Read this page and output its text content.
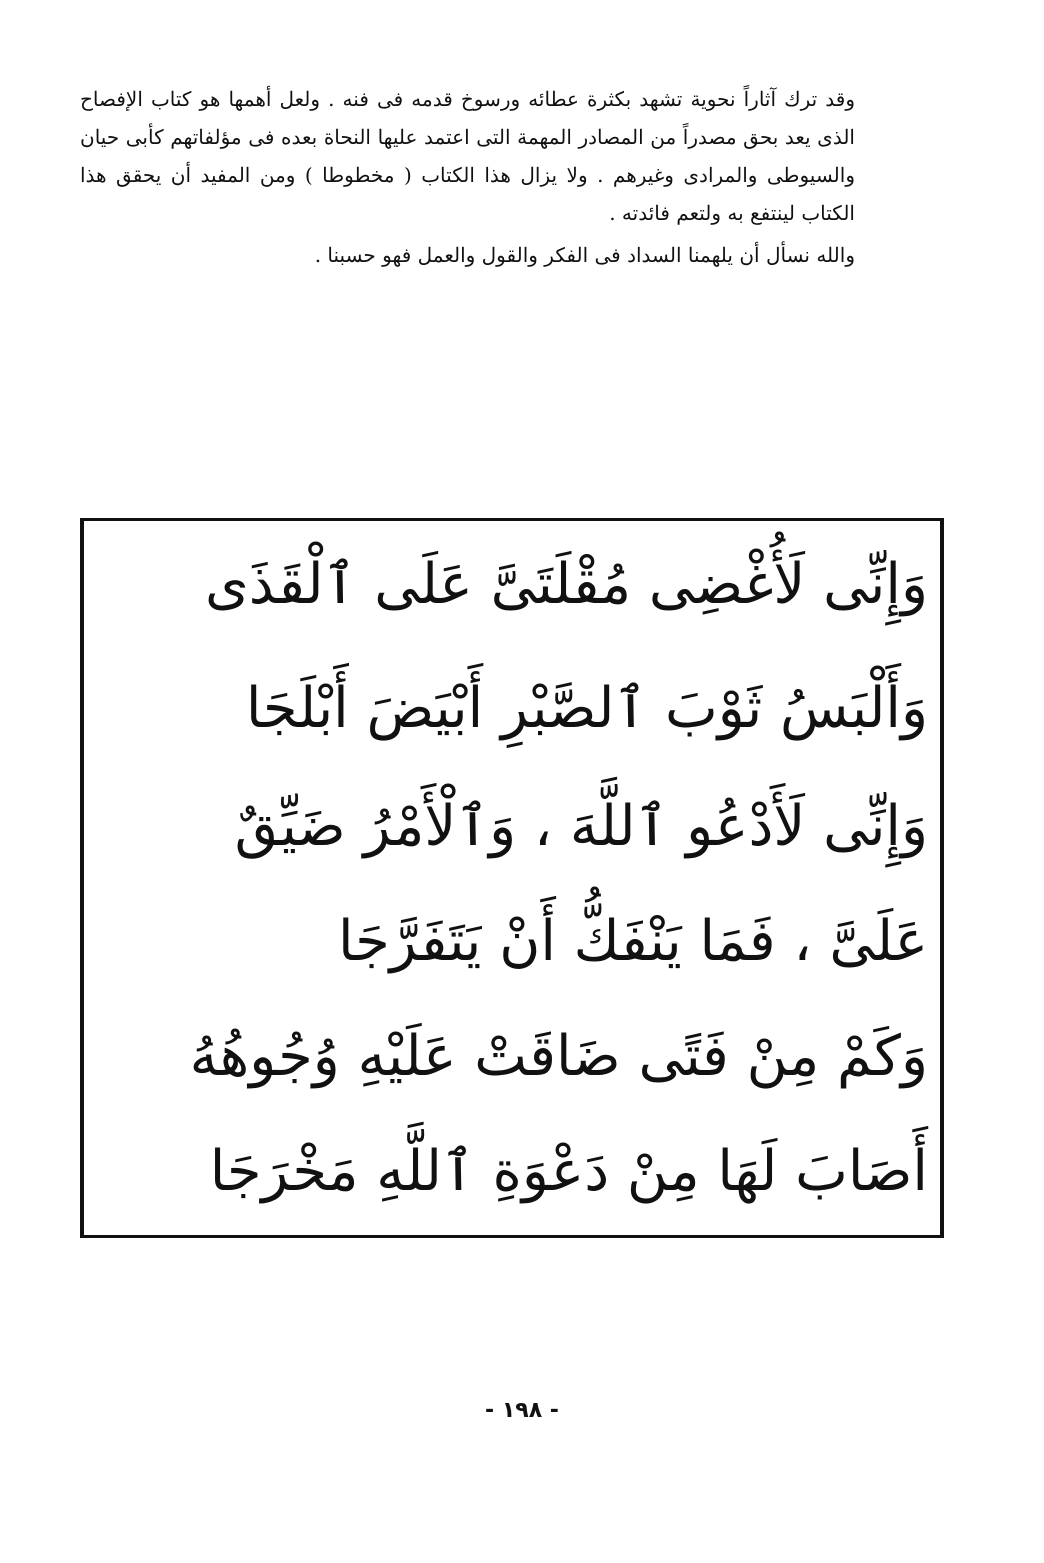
وقد ترك آثاراً نحوية تشهد بكثرة عطائه ورسوخ قدمه فى فنه . ولعل أهمها هو كتاب الإفصاح الذى يعد بحق مصدراً من المصادر المهمة التى اعتمد عليها النحاة بعده فى مؤلفاتهم كأبى حيان والسيوطى والمرادى وغيرهم . ولا يزال هذا الكتاب ( مخطوطا ) ومن المفيد أن يحقق هذا الكتاب لينتفع به ولتعم فائدته .

والله نسأل أن يلهمنا السداد فى الفكر والقول والعمل فهو حسبنا .

وَإِنِّى لَأُغْضِى مُقْلَتَىَّ عَلَى ٱلْقَذَى
وَأَلْبَسُ ثَوْبَ ٱلصَّبْرِ أَبْيَضَ أَبْلَجَا
وَإِنِّى لَأَدْعُو ٱللَّهَ ، وَٱلْأَمْرُ ضَيِّقٌ
عَلَىَّ ، فَمَا يَنْفَكُّ أَنْ يَتَفَرَّجَا
وَكَمْ مِنْ فَتًى ضَاقَتْ عَلَيْهِ وُجُوهُهُ
أَصَابَ لَهَا مِنْ دَعْوَةِ ٱللَّهِ مَخْرَجَا
- ١٩٨ -
